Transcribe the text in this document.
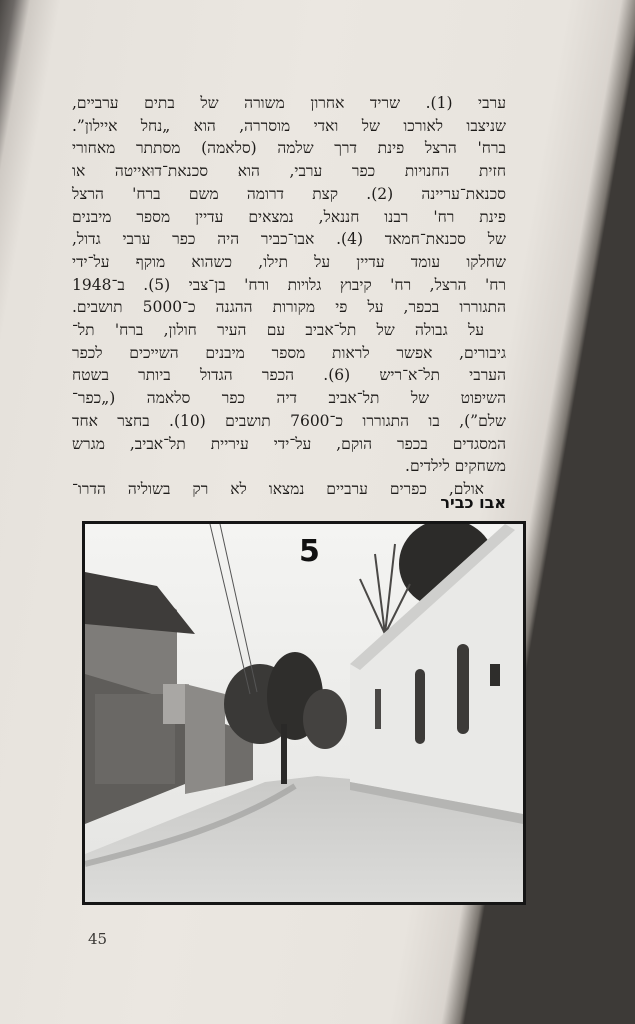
ערבי (1). שריד אחרון משורה של בתים ערביים,
שניצבו לאורכו של ואדי מוסררה, הוא „נחל איילון”.
ברח' הרצל פינת דרך שלמה (סלאמה) מסתתר מאחורי
חזית החנויות כפר ערבי, הוא סכנאת־דוּאייטה או
סכנאת־עריינה (2). קצת דרומה משם ברח' הרצל
פינת רח' רבנו חננאל, נמצאים עדיין מספר מיבנים
של סכנאת־חמאד (4). אבו־כביר היה כפר ערבי גדול,
שחלקו עומד עדיין על תילו, כשהוא מוקף על־ידי
רח' הרצל, רח' קיבוץ גלויות ורח' בן־צבי (5). ב־1948
התגוררו בכפר, על פי מקורות ההגנה כ־5000 תושבים.
על גבולה של תל־אביב עם העיר חולון, ברח' תל־
גיבורים, אפשר לראות מספר מיבנים השייכים לכפר
הערבי תל־א־ריש (6). הכפר הגדול ביותר בשטח
השיפוט של תל־אביב דיה כפר סלאמה („כפר־
שלם”), בו התגוררו כ־7600 תושבים (10). בחצר אחד
המסגדים בכפר הוקם, על־ידי עיריית תל־אביב, מגרש
משחקים לילדים.
אולם, כפרים ערביים נמצאו לא רק בשוליה הדרו־
אבו כביר
5
45
